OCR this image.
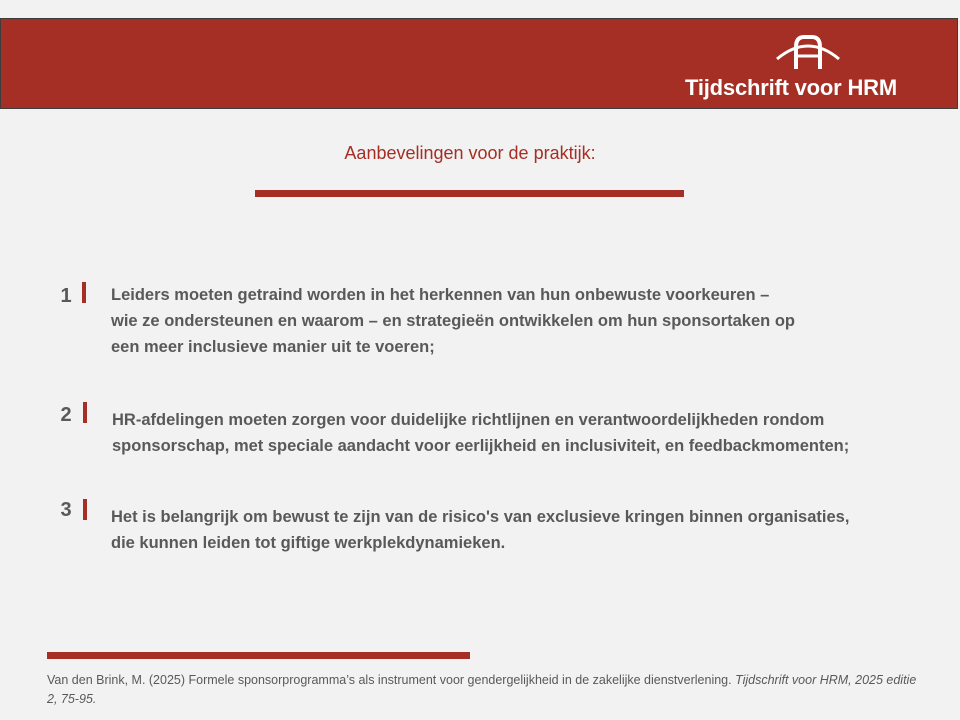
Tijdschrift voor HRM
Aanbevelingen voor de praktijk:
1	Leiders moeten getraind worden in het herkennen van hun onbewuste voorkeuren –
wie ze ondersteunen en waarom – en strategieën ontwikkelen om hun sponsortaken op
een meer inclusieve manier uit te voeren;
2	HR-afdelingen moeten zorgen voor duidelijke richtlijnen en verantwoordelijkheden rondom
sponsorschap, met speciale aandacht voor eerlijkheid en inclusiviteit, en feedbackmomenten;
3	Het is belangrijk om bewust te zijn van de risico's van exclusieve kringen binnen organisaties,
die kunnen leiden tot giftige werkplekdynamieken.
Van den Brink, M. (2025) Formele sponsorprogramma’s als instrument voor gendergelijkheid in de zakelijke dienstverlening. Tijdschrift voor HRM, 2025 editie 2, 75-95.
